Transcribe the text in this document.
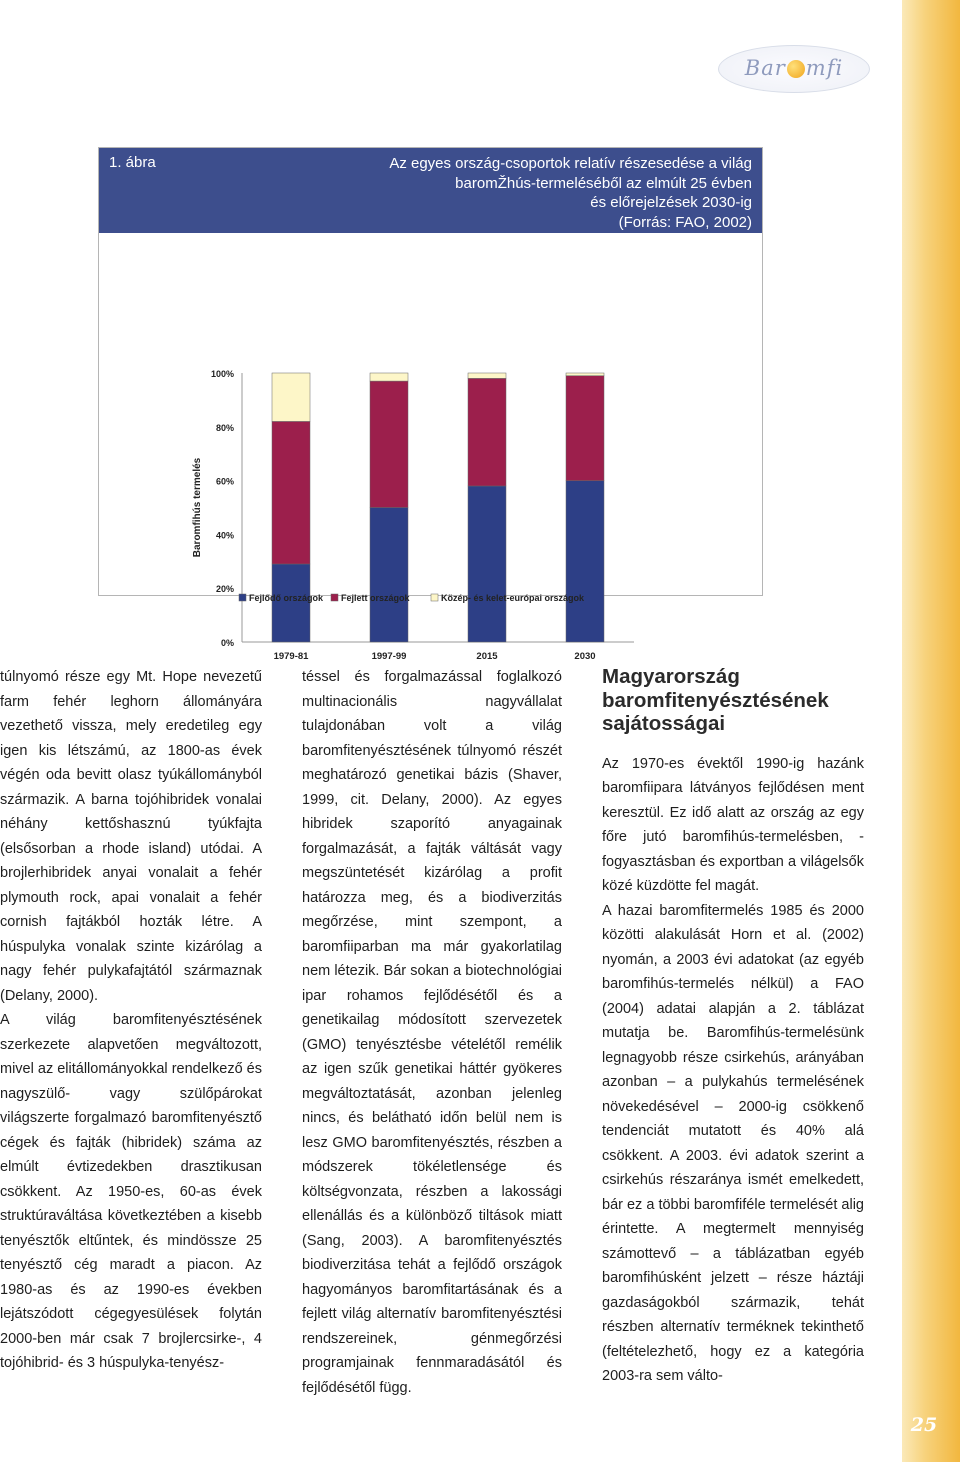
25
Bar mfi
1. ábra	Az egyes ország-csoportok relatív részesedése a világ
baromŽhús-termeléséből az elmúlt 25 évben
és előrejelzések 2030-ig
(Forrás: FAO, 2002)
0%
20%
40%
60%
80%
100%
Baromfihús termelés
1979-81	1997-99	2015	2030
Fejlődő országok Fejlett országok	Közép- és kelet-európai országok

túlnyomó része egy Mt. Hope nevezetű farm fehér leghorn állományára vezethető vissza, mely eredetileg egy igen kis létszámú, az 1800-as évek végén oda bevitt olasz tyúkállományból származik. A barna tojóhibridek vonalai néhány kettőshasznú tyúkfajta (elsősorban a rhode island) utódai. A brojlerhibridek anyai vonalait a fehér plymouth rock, apai vonalait a fehér cornish fajtákból hozták létre. A húspulyka vonalak szinte kizárólag a nagy fehér pulykafajtától származnak (Delany, 2000).

A világ baromfitenyésztésének szerkezete alapvetően megváltozott, mivel az elitállományokkal rendelkező és nagyszülő- vagy szülőpárokat világszerte forgalmazó baromfitenyésztő cégek és fajták (hibridek) száma az elmúlt évtizedekben drasztikusan csökkent. Az 1950-es, 60-as évek struktúraváltása következtében a kisebb tenyésztők eltűntek, és mindösszе 25 tenyésztő cég maradt a piacon. Az 1980-as és az 1990-es években lejátszódott cégegyesülések folytán 2000-ben már csak 7 brojlercsirke-, 4 tojóhibrid- és 3 húspulyka-tenyész-

téssel és forgalmazással foglalkozó multinacionális nagyvállalat tulajdonában volt a világ baromfitenyésztésének túlnyomó részét meghatározó genetikai bázis (Shaver, 1999, cit. Delany, 2000). Az egyes hibridek szaporító anyagainak forgalmazását, a fajták váltását vagy megszüntetését kizárólag a profit határozza meg, és a biodiverzitás megőrzése, mint szempont, a baromfiiparban ma már gyakorlatilag nem létezik. Bár sokan a biotechnológiai ipar rohamos fejlődésétől és a genetikailag módosított szervezetek (GMO) tenyésztésbe vételétől remélik az igen szűk genetikai háttér gyökeres megváltoztatását, azonban jelenleg nincs, és belátható időn belül nem is lesz GMO baromfitenyésztés, részben a módszerek tökéletlensége és költségvonzata, részben a lakossági ellenállás és a különböző tiltások miatt (Sang, 2003). A baromfitenyésztés biodiverzitása tehát a fejlődő országok hagyományos baromfitartásának és a fejlett világ alternatív baromfitenyésztési rendszereinek, génmegőrzési programjainak fennmaradásától és fejlődésétől függ.

Magyarország baromfitenyésztésének sajátosságai

Az 1970-es évektől 1990-ig hazánk baromfiipara látványos fejlődésen ment keresztül. Ez idő alatt az ország az egy főre jutó baromfihús-termelésben, -fogyasztásban és exportban a világelsők közé küzdötte fel magát.

A hazai baromfitermelés 1985 és 2000 közötti alakulását Horn et al. (2002) nyomán, a 2003 évi adatokat (az egyéb baromfihús-termelés nélkül) a FAO (2004) adatai alapján a 2. táblázat mutatja be. Baromfihús-termelésünk legnagyobb része csirkehús, arányában azonban – a pulykahús termelésének növekedésével – 2000-ig csökkenő tendenciát mutatott és 40% alá csökkent. A 2003. évi adatok szerint a csirkehús részaránya ismét emelkedett, bár ez a többi baromfiféle termelését alig érintette. A megtermelt mennyiség számottevő – a táblázatban egyéb baromfihúsként jelzett – része háztáji gazdaságokból származik, tehát részben alternatív terméknek tekinthető (feltételezhető, hogy ez a kategória 2003-ra sem válto-
